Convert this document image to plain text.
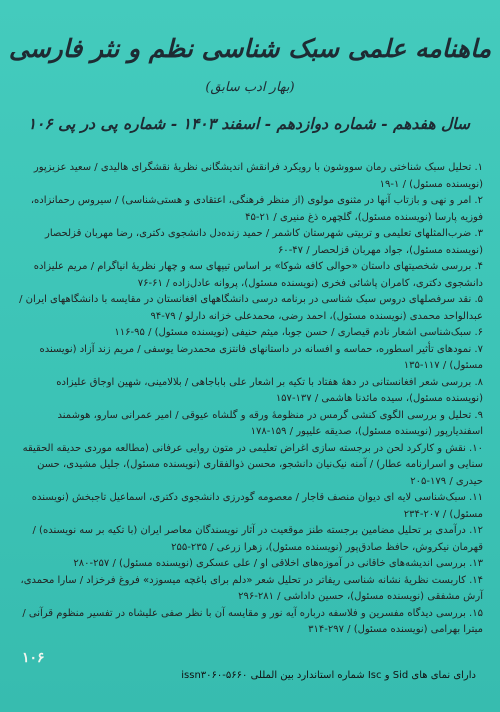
ماهنامه علمی سبک شناسی نظم و نثر فارسی
(بهار ادب سابق)
سال هفدهم - شماره دوازدهم - اسفند ۱۴۰۳ - شماره پی در پی ۱۰۶

۱. تحلیل سبک شناختی رمان سووشون با رویکرد فرانقش اندیشگانی نظریۀ نقشگرای هالیدی / سعید عزیزپور (نویسنده مسئول) / ۱-۱۹

۲. امر و نهی و بازتاب آنها در مثنوی مولوی (از منظر فرهنگی، اعتقادی و هستی‌شناسی) / سیروس رحمانزاده، فوزیه پارسا (نویسنده مسئول)، گلچهره ذغ منیری / ۲۱-۴۵

۳. ضرب‌المثلهای تعلیمی و تربیتی شهرستان کاشمر / حمید زنده‌دل دانشجوی دکتری، رضا مهربان قزلحصار (نویسنده مسئول)، جواد مهربان قزلحصار / ۴۷-۶۰

۴. بررسی شخصیتهای داستان «حوالی کافه شوکا» بر اساس تیپهای سه و چهار نظریۀ انیاگرام / مریم علیزاده دانشجوی دکتری، کامران پاشائی فخری (نویسنده مسئول)، پروانه عادل‌زاده / ۶۱-۷۶

۵. نقد سرفصلهای دروس سبک شناسی در برنامه درسی دانشگاههای افغانستان در مقایسه با دانشگاههای ایران / عبدالواحد محمدی (نویسنده مسئول)، احمد رضی، محمدعلی خزانه دارلو / ۷۹-۹۴

۶. سبک‌شناسی اشعار نادم قیصاری / حسن جوبا، میثم حنیفی (نویسنده مسئول) / ۹۵-۱۱۶

۷. نمودهای تأثیر اسطوره، حماسه و افسانه در داستانهای فانتزی محمدرضا یوسفی / مریم زند آزاد (نویسنده مسئول) / ۱۱۷-۱۳۵

۸. بررسی شعر افغانستانی در دهۀ هفتاد با تکیه بر اشعار علی باباجاهی / بلالامینی، شهین اوجاق علیزاده (نویسنده مسئول)، سیده مائدنا هاشمی / ۱۳۷-۱۵۷

۹. تحلیل و بررسی الگوی کنشی گرمس در منظومۀ ورقه و گلشاه عیوقی / امیر عمرانی سارو، هوشمند اسفندیارپور (نویسنده مسئول)، صدیقه علیپور / ۱۵۹-۱۷۸

۱۰. نقش و کارکرد لحن در برجسته سازی اغراض تعلیمی در متون روایی عرفانی (مطالعه موردی حدیقه الحقیقه سنایی و اسرارنامه عطار) / آمنه نیک‌نیان دانشجو، محسن ذوالفقاری (نویسنده مسئول)، جلیل مشیدی، حسن حیدری / ۱۷۹-۲۰۵

۱۱. سبک‌شناسی لایه ای دیوان منصف قاجار / معصومه گودرزی دانشجوی دکتری، اسماعیل تاجبخش (نویسنده مسئول) / ۲۰۷-۲۳۴

۱۲. درآمدی بر تحلیل مضامین برجسته طنز موقعیت در آثار نویسندگان معاصر ایران (با تکیه بر سه نویسنده) / قهرمان نیکروش، حافظ صادق‌پور (نویسنده مسئول)، زهرا زرعی / ۲۳۵-۲۵۵

۱۳. بررسی اندیشه‌های خاقانی در آموزه‌های اخلاقی او / علی عسکری (نویسنده مسئول) / ۲۵۷-۲۸۰

۱۴. کاربست نظریۀ نشانه شناسی ریفاتر در تحلیل شعر «دلم برای باغچه میسوزد» فروغ فرخزاد / سارا محمدی، آرش مشفقی (نویسنده مسئول)، حسین داداشی / ۲۸۱-۲۹۶

۱۵. بررسی دیدگاه مفسرین و فلاسفه درباره آیه نور و مقایسه آن با نظر صفی علیشاه در تفسیر منظوم قرآنی / میترا بهرامی (نویسنده مسئول) / ۲۹۷-۳۱۴

۱۰۶
دارای نمای های Sid و Isc شماره استاندارد بین المللی issn۳۰۶۰-۵۶۶۰
